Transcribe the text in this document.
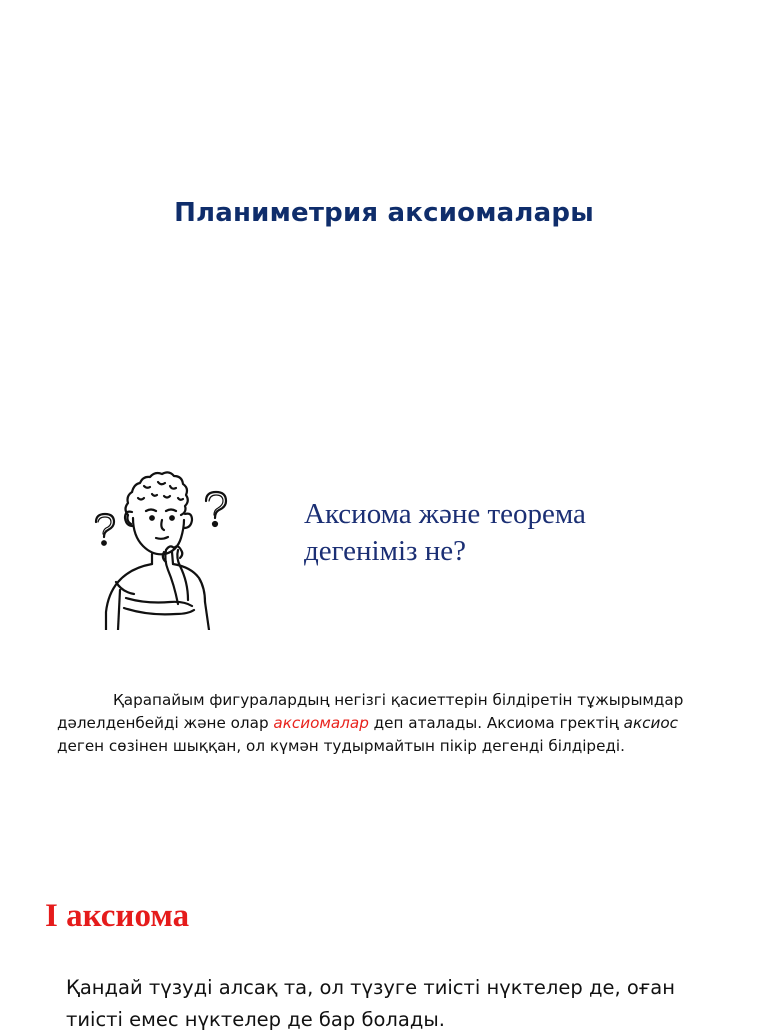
Планиметрия аксиомалары
Аксиома және теорема
дегеніміз не?

Қарапайым фигуралардың негізгі қасиеттерін білдіретін тұжырымдар дәлелденбейді және олар аксиомалар деп аталады. Аксиома гректің аксиос деген сөзінен шыққан, ол күмән тудырмайтын пікір дегенді білдіреді.

I аксиома

Қандай түзуді алсақ та, ол түзуге тиісті нүктелер де, оған тиісті емес нүктелер де бар болады.
